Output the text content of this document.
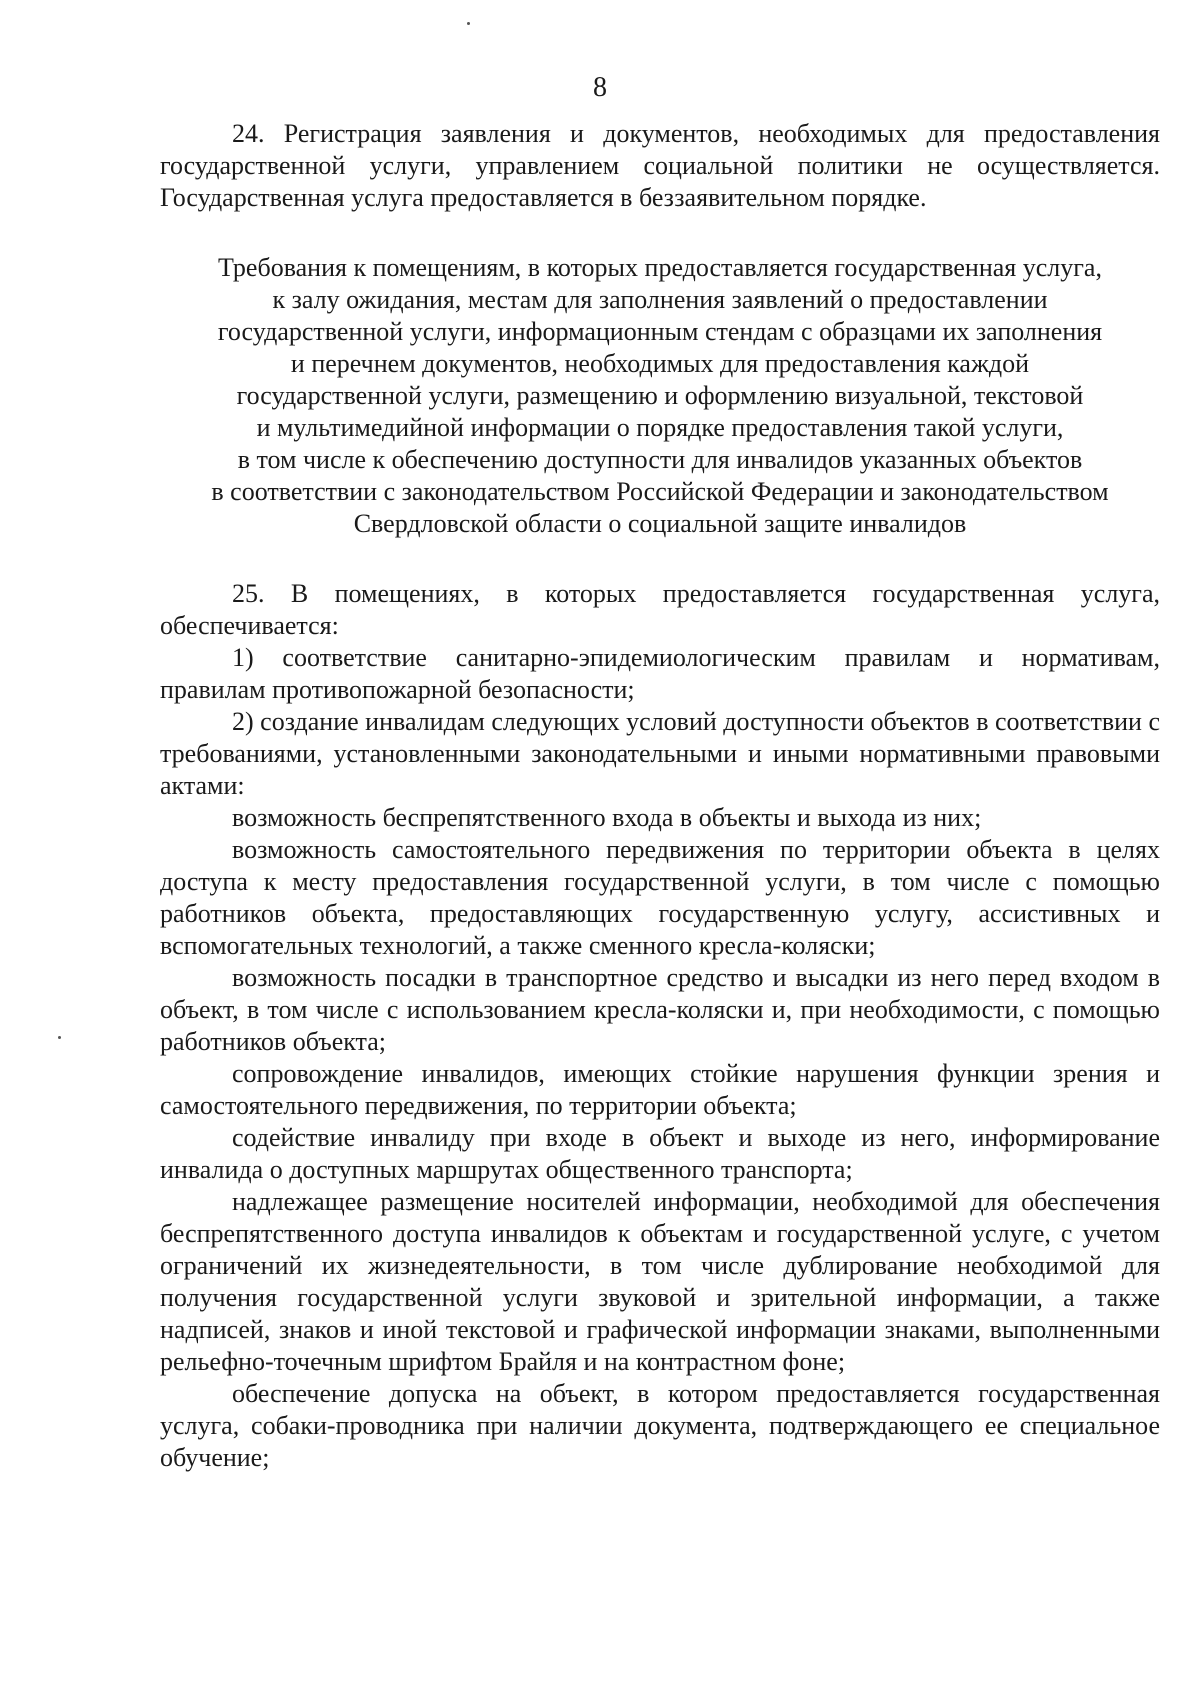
8

24. Регистрация заявления и документов, необходимых для предоставления государственной услуги, управлением социальной политики не осуществляется. Государственная услуга предоставляется в беззаявительном порядке.

Требования к помещениям, в которых предоставляется государственная услуга,
к залу ожидания, местам для заполнения заявлений о предоставлении
государственной услуги, информационным стендам с образцами их заполнения
и перечнем документов, необходимых для предоставления каждой
государственной услуги, размещению и оформлению визуальной, текстовой
и мультимедийной информации о порядке предоставления такой услуги,
в том числе к обеспечению доступности для инвалидов указанных объектов
в соответствии с законодательством Российской Федерации и законодательством
Свердловской области о социальной защите инвалидов

25. В помещениях, в которых предоставляется государственная услуга, обеспечивается:

1) соответствие санитарно-эпидемиологическим правилам и нормативам, правилам противопожарной безопасности;

2) создание инвалидам следующих условий доступности объектов в соответствии с требованиями, установленными законодательными и иными нормативными правовыми актами:

возможность беспрепятственного входа в объекты и выхода из них;

возможность самостоятельного передвижения по территории объекта в целях доступа к месту предоставления государственной услуги, в том числе с помощью работников объекта, предоставляющих государственную услугу, ассистивных и вспомогательных технологий, а также сменного кресла-коляски;

возможность посадки в транспортное средство и высадки из него перед входом в объект, в том числе с использованием кресла-коляски и, при необходимости, с помощью работников объекта;

сопровождение инвалидов, имеющих стойкие нарушения функции зрения и самостоятельного передвижения, по территории объекта;

содействие инвалиду при входе в объект и выходе из него, информирование инвалида о доступных маршрутах общественного транспорта;

надлежащее размещение носителей информации, необходимой для обеспечения беспрепятственного доступа инвалидов к объектам и государственной услуге, с учетом ограничений их жизнедеятельности, в том числе дублирование необходимой для получения государственной услуги звуковой и зрительной информации, а также надписей, знаков и иной текстовой и графической информации знаками, выполненными рельефно-точечным шрифтом Брайля и на контрастном фоне;

обеспечение допуска на объект, в котором предоставляется государственная услуга, собаки-проводника при наличии документа, подтверждающего ее специальное обучение;
